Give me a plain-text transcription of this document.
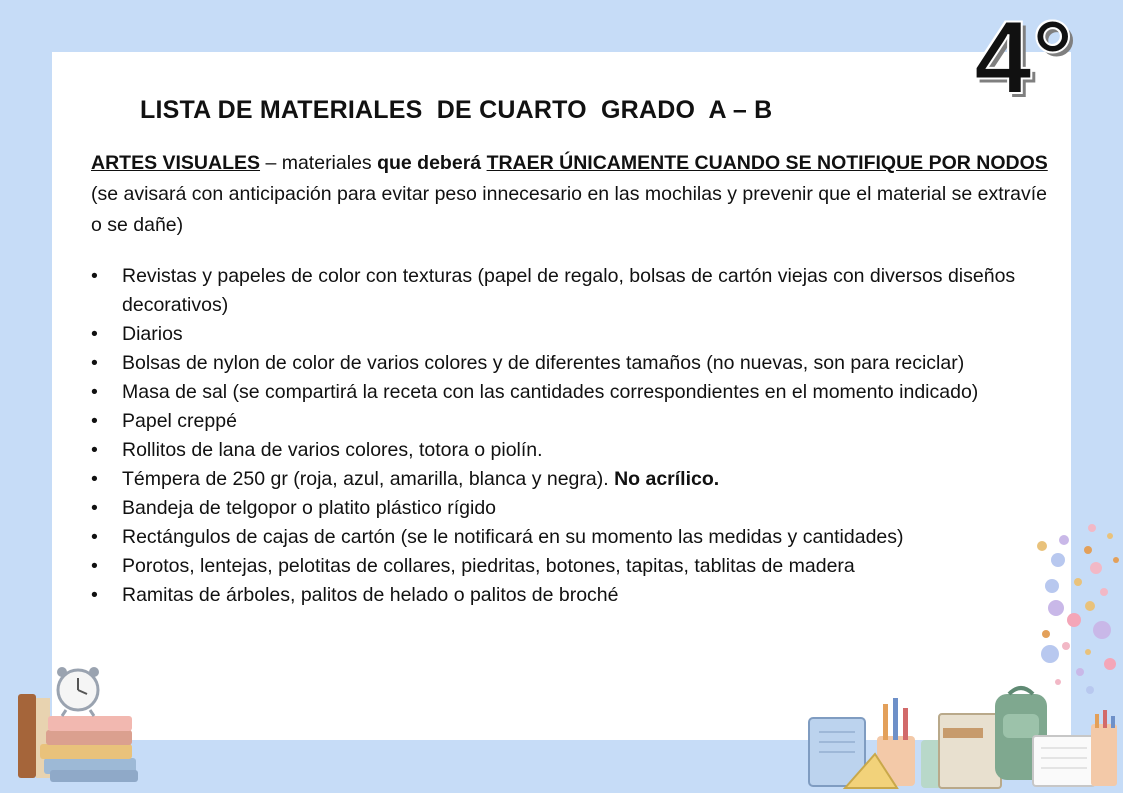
4°
LISTA DE MATERIALES  DE CUARTO  GRADO  A – B
ARTES VISUALES – materiales que deberá TRAER ÚNICAMENTE CUANDO SE NOTIFIQUE POR NODOS (se avisará con anticipación para evitar peso innecesario en las mochilas y prevenir que el material se extravíe o se dañe)
• Revistas y papeles de color con texturas (papel de regalo, bolsas de cartón viejas con diversos diseños decorativos)
• Diarios
• Bolsas de nylon de color de varios colores y de diferentes tamaños (no nuevas, son para reciclar)
• Masa de sal (se compartirá la receta con las cantidades correspondientes en el momento indicado)
• Papel creppé
• Rollitos de lana de varios colores, totora o piolín.
• Témpera de 250 gr (roja, azul, amarilla, blanca y negra). No acrílico.
• Bandeja de telgopor o platito plástico rígido
• Rectángulos de cajas de cartón (se le notificará en su momento las medidas y cantidades)
• Porotos, lentejas, pelotitas de collares, piedritas, botones, tapitas, tablitas de madera
• Ramitas de árboles, palitos de helado o palitos de broché
